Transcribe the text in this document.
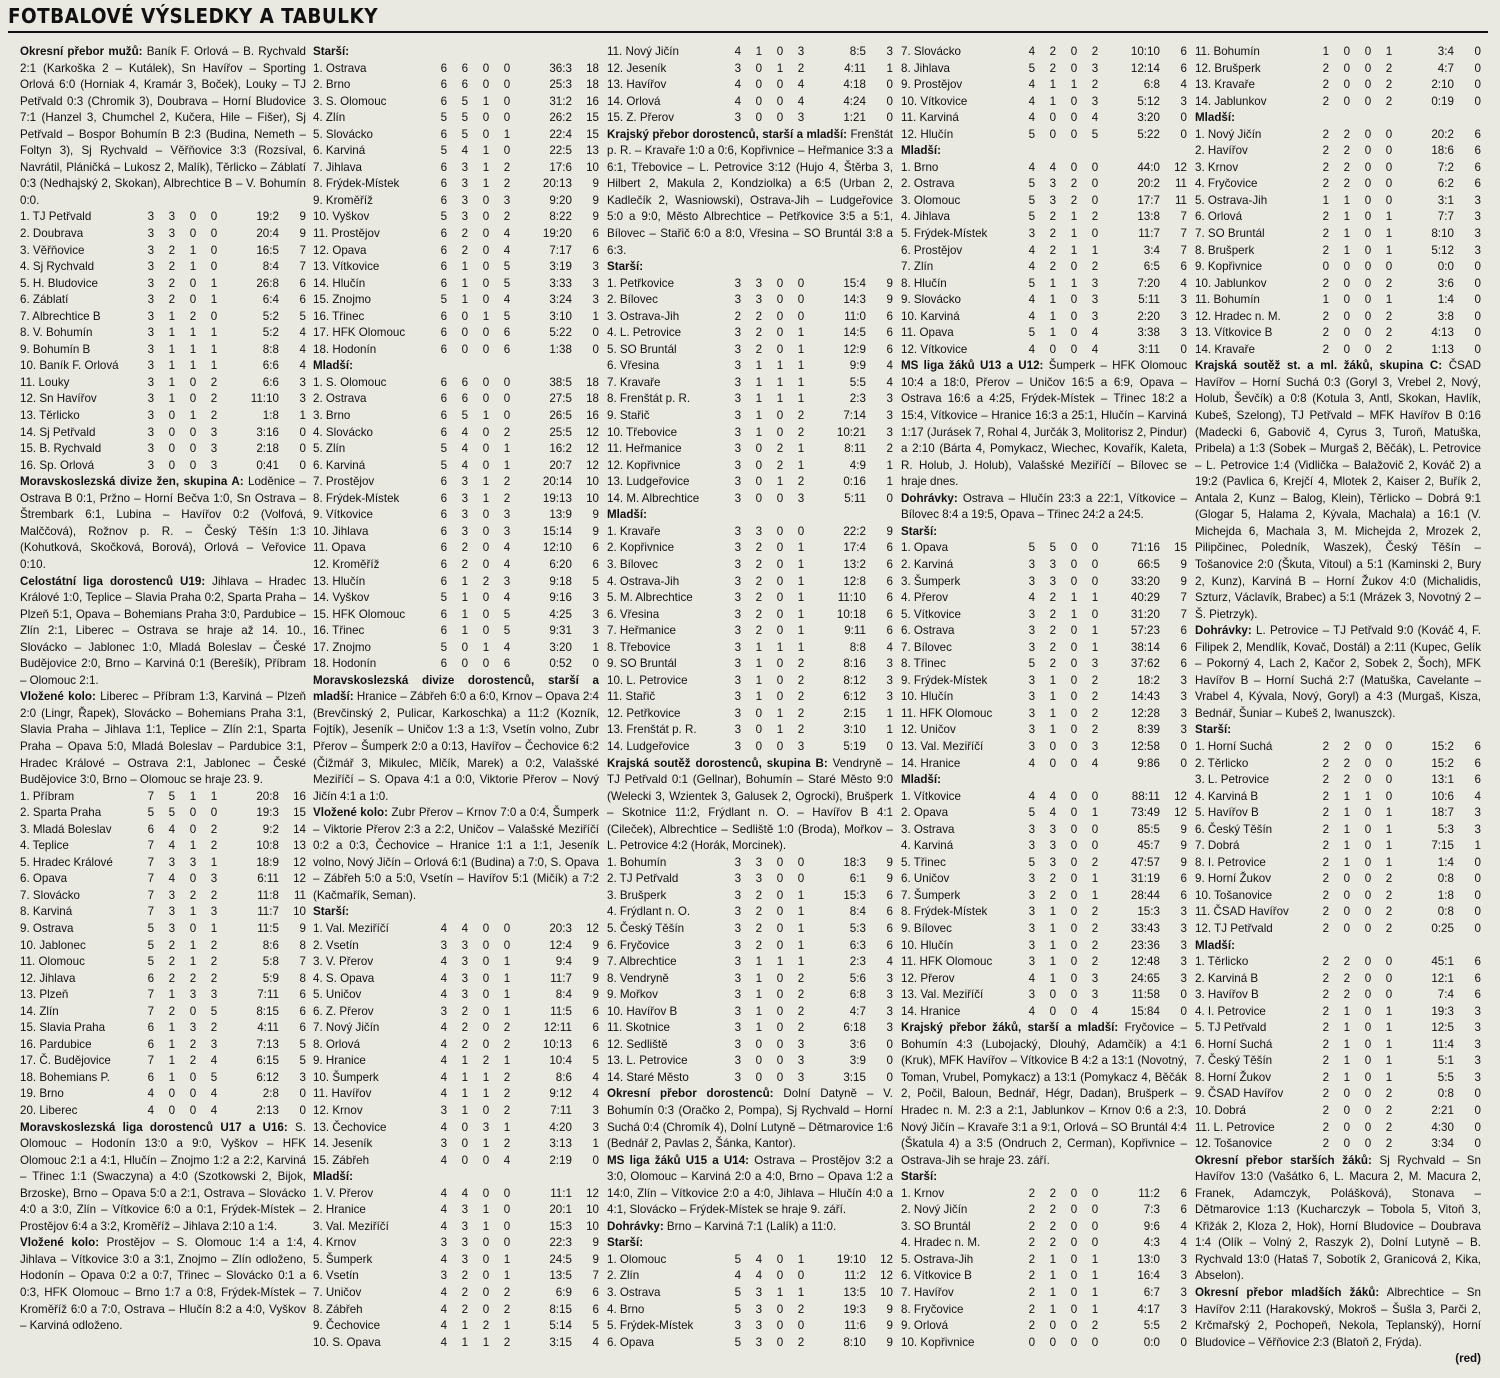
FOTBALOVÉ VÝSLEDKY A TABULKY

Okresní přebor mužů: Baník F. Orlová – B. Rychvald 2:1 (Karkoška 2 – Kutálek), Sn Havířov – Sporting Orlová 6:0 (Horniak 4, Kramár 3, Boček), Louky – TJ Petřvald 0:3 (Chromik 3), Doubrava – Horní Bludovice 7:1 (Hanzel 3, Chumchel 2, Kučera, Hile – Fišer), Sj Petřvald – Bospor Bohumín B 2:3 (Budina, Nemeth – Foltyn 3), Sj Rychvald – Věřňovice 3:3 (Rozsíval, Navrátil, Pláničká – Lukosz 2, Malík), Těrlicko – Záblatí 0:3 (Nedhajský 2, Skokan), Albrechtice B – V. Bohumín 0:0.

1. TJ Petřvald	3	3	0	0	19:2	9
2. Doubrava	3	3	0	0	20:4	9
3. Věřňovice	3	2	1	0	16:5	7
4. Sj Rychvald	3	2	1	0	8:4	7
5. H. Bludovice	3	2	0	1	26:8	6
6. Záblatí	3	2	0	1	6:4	6
7. Albrechtice B	3	1	2	0	5:2	5
8. V. Bohumín	3	1	1	1	5:2	4
9. Bohumín B	3	1	1	1	8:8	4
10. Baník F. Orlová	3	1	1	1	6:6	4
11. Louky	3	1	0	2	6:6	3
12. Sn Havířov	3	1	0	2	11:10	3
13. Těrlicko	3	0	1	2	1:8	1
14. Sj Petřvald	3	0	0	3	3:16	0
15. B. Rychvald	3	0	0	3	2:18	0
16. Sp. Orlová	3	0	0	3	0:41	0

Moravskoslezská divize žen, skupina A: Loděnice – Ostrava B 0:1, Pržno – Horní Bečva 1:0, Sn Ostrava – Štrembark 6:1, Lubina – Havířov 0:2 (Volfová, Malččová), Rožnov p. R. – Český Těšín 1:3 (Kohutková, Skočková, Borová), Orlová – Veřovice 0:10.

Celostátní liga dorostenců U19: Jihlava – Hradec Králové 1:0, Teplice – Slavia Praha 0:2, Sparta Praha – Plzeň 5:1, Opava – Bohemians Praha 3:0, Pardubice – Zlín 2:1, Liberec – Ostrava se hraje až 14. 10., Slovácko – Jablonec 1:0, Mladá Boleslav – České Budějovice 2:0, Brno – Karviná 0:1 (Berešík), Příbram – Olomouc 2:1.

Vložené kolo: Liberec – Příbram 1:3, Karviná – Plzeň 2:0 (Lingr, Řapek), Slovácko – Bohemians Praha 3:1, Slavia Praha – Jihlava 1:1, Teplice – Zlín 2:1, Sparta Praha – Opava 5:0, Mladá Boleslav – Pardubice 3:1, Hradec Králové – Ostrava 2:1, Jablonec – České Budějovice 3:0, Brno – Olomouc se hraje 23. 9.

1. Příbram	7	5	1	1	20:8	16
2. Sparta Praha	5	5	0	0	19:3	15
3. Mladá Boleslav	6	4	0	2	9:2	14
4. Teplice	7	4	1	2	10:8	13
5. Hradec Králové	7	3	3	1	18:9	12
6. Opava	7	4	0	3	6:11	12
7. Slovácko	7	3	2	2	11:8	11
8. Karviná	7	3	1	3	11:7	10
9. Ostrava	5	3	0	1	11:5	9
10. Jablonec	5	2	1	2	8:6	8
11. Olomouc	5	2	1	2	5:8	7
12. Jihlava	6	2	2	2	5:9	8
13. Plzeň	7	1	3	3	7:11	6
14. Zlín	7	2	0	5	8:15	6
15. Slavia Praha	6	1	3	2	4:11	6
16. Pardubice	6	1	2	3	7:13	5
17. Č. Budějovice	7	1	2	4	6:15	5
18. Bohemians P.	6	1	0	5	6:12	3
19. Brno	4	0	0	4	2:8	0
20. Liberec	4	0	0	4	2:13	0

Moravskoslezská liga dorostenců U17 a U16: S. Olomouc – Hodonín 13:0 a 9:0, Vyškov – HFK Olomouc 2:1 a 4:1, Hlučín – Znojmo 1:2 a 2:2, Karviná – Třinec 1:1 (Swaczyna) a 4:0 (Szotkowski 2, Bijok, Brzoske), Brno – Opava 5:0 a 2:1, Ostrava – Slovácko 4:0 a 3:0, Zlín – Vítkovice 6:0 a 0:1, Frýdek-Místek – Prostějov 6:4 a 3:2, Kroměříž – Jihlava 2:10 a 1:4.

Vložené kolo: Prostějov – S. Olomouc 1:4 a 1:4, Jihlava – Vítkovice 3:0 a 3:1, Znojmo – Zlín odloženo, Hodonín – Opava 0:2 a 0:7, Třinec – Slovácko 0:1 a 0:3, HFK Olomouc – Brno 1:7 a 0:8, Frýdek-Místek – Kroměříž 6:0 a 7:0, Ostrava – Hlučín 8:2 a 4:0, Vyškov – Karviná odloženo.

Starší:
1. Ostrava	6	6	0	0	36:3	18
2. Brno	6	6	0	0	25:3	18
3. S. Olomouc	6	5	1	0	31:2	16
4. Zlín	5	5	0	0	26:2	15
5. Slovácko	6	5	0	1	22:4	15
6. Karviná	5	4	1	0	22:5	13
7. Jihlava	6	3	1	2	17:6	10
8. Frýdek-Místek	6	3	1	2	20:13	9
9. Kroměříž	6	3	0	3	9:20	9
10. Vyškov	5	3	0	2	8:22	9
11. Prostějov	6	2	0	4	19:20	6
12. Opava	6	2	0	4	7:17	6
13. Vítkovice	6	1	0	5	3:19	3
14. Hlučín	6	1	0	5	3:33	3
15. Znojmo	5	1	0	4	3:24	3
16. Třinec	6	0	1	5	3:10	1
17. HFK Olomouc	6	0	0	6	5:22	0
18. Hodonín	6	0	0	6	1:38	0
Mladší:
1. S. Olomouc	6	6	0	0	38:5	18
2. Ostrava	6	6	0	0	27:5	18
3. Brno	6	5	1	0	26:5	16
4. Slovácko	6	4	0	2	25:5	12
5. Zlín	5	4	0	1	16:2	12
6. Karviná	5	4	0	1	20:7	12
7. Prostějov	6	3	1	2	20:14	10
8. Frýdek-Místek	6	3	1	2	19:13	10
9. Vítkovice	6	3	0	3	13:9	9
10. Jihlava	6	3	0	3	15:14	9
11. Opava	6	2	0	4	12:10	6
12. Kroměříž	6	2	0	4	6:20	6
13. Hlučín	6	1	2	3	9:18	5
14. Vyškov	5	1	0	4	9:16	3
15. HFK Olomouc	6	1	0	5	4:25	3
16. Třinec	6	1	0	5	9:31	3
17. Znojmo	5	0	1	4	3:20	1
18. Hodonín	6	0	0	6	0:52	0

Moravskoslezská divize dorostenců, starší a mladší: Hranice – Zábřeh 6:0 a 6:0, Krnov – Opava 2:4 (Brevčinský 2, Pulicar, Karkoschka) a 11:2 (Kozník, Fojtík), Jeseník – Uničov 1:3 a 1:3, Vsetín volno, Zubr Přerov – Šumperk 2:0 a 0:13, Havířov – Čechovice 6:2 (Čižmář 3, Mikulec, Mlčík, Marek) a 0:2, Valašské Meziříčí – S. Opava 4:1 a 0:0, Viktorie Přerov – Nový Jičín 4:1 a 1:0.

Vložené kolo: Zubr Přerov – Krnov 7:0 a 0:4, Šumperk – Viktorie Přerov 2:3 a 2:2, Uničov – Valašské Meziříčí 0:2 a 0:3, Čechovice – Hranice 1:1 a 1:1, Jeseník volno, Nový Jičín – Orlová 6:1 (Budina) a 7:0, S. Opava – Zábřeh 5:0 a 5:0, Vsetín – Havířov 5:1 (Mičík) a 7:2 (Kačmařík, Seman).

Starší:
1. Val. Meziříčí	4	4	0	0	20:3	12
2. Vsetín	3	3	0	0	12:4	9
3. V. Přerov	4	3	0	1	9:4	9
4. S. Opava	4	3	0	1	11:7	9
5. Uničov	4	3	0	1	8:4	9
6. Z. Přerov	3	2	0	1	11:5	6
7. Nový Jičín	4	2	0	2	12:11	6
8. Orlová	4	2	0	2	10:13	6
9. Hranice	4	1	2	1	10:4	5
10. Šumperk	4	1	1	2	8:6	4
11. Havířov	4	1	1	2	9:12	4
12. Krnov	3	1	0	2	7:11	3
13. Čechovice	4	0	3	1	4:20	3
14. Jeseník	3	0	1	2	3:13	1
15. Zábřeh	4	0	0	4	2:19	0
Mladší:
1. V. Přerov	4	4	0	0	11:1	12
2. Hranice	4	3	1	0	20:1	10
3. Val. Meziříčí	4	3	1	0	15:3	10
4. Krnov	3	3	0	0	22:3	9
5. Šumperk	4	3	0	1	24:5	9
6. Vsetín	3	2	0	1	13:5	7
7. Uničov	4	2	0	2	6:9	6
8. Zábřeh	4	2	0	2	8:15	6
9. Čechovice	4	1	2	1	5:14	5
10. S. Opava	4	1	1	2	3:15	4
11. Nový Jičín	4	1	0	3	8:5	3
12. Jeseník	3	0	1	2	4:11	1
13. Havířov	4	0	0	4	4:18	0
14. Orlová	4	0	0	4	4:24	0
15. Z. Přerov	3	0	0	3	1:21	0

Krajský přebor dorostenců, starší a mladší: Frenštát p. R. – Kravaře 1:0 a 0:6, Kopřivnice – Heřmanice 3:3 a 6:1, Třebovice – L. Petrovice 3:12 (Hujo 4, Štěrba 3, Hilbert 2, Makula 2, Kondziolka) a 6:5 (Urban 2, Kadlečík 2, Wasniowski), Ostrava-Jih – Ludgeřovice 5:0 a 9:0, Město Albrechtice – Petřkovice 3:5 a 5:1, Bílovec – Stařič 6:0 a 8:0, Vřesina – SO Bruntál 3:8 a 6:3.

Starší:
1. Petřkovice	3	3	0	0	15:4	9
2. Bílovec	3	3	0	0	14:3	9
3. Ostrava-Jih	2	2	0	0	11:0	6
4. L. Petrovice	3	2	0	1	14:5	6
5. SO Bruntál	3	2	0	1	12:9	6
6. Vřesina	3	1	1	1	9:9	4
7. Kravaře	3	1	1	1	5:5	4
8. Frenštát p. R.	3	1	1	1	2:3	3
9. Stařič	3	1	0	2	7:14	3
10. Třebovice	3	1	0	2	10:21	3
11. Heřmanice	3	0	2	1	8:11	2
12. Kopřivnice	3	0	2	1	4:9	1
13. Ludgeřovice	3	0	1	2	0:16	1
14. M. Albrechtice	3	0	0	3	5:11	0
Mladší:
1. Kravaře	3	3	0	0	22:2	9
2. Kopřivnice	3	2	0	1	17:4	6
3. Bílovec	3	2	0	1	13:2	6
4. Ostrava-Jih	3	2	0	1	12:8	6
5. M. Albrechtice	3	2	0	1	11:10	6
6. Vřesina	3	2	0	1	10:18	6
7. Heřmanice	3	2	0	1	9:11	6
8. Třebovice	3	1	1	1	8:8	4
9. SO Bruntál	3	1	0	2	8:16	3
10. L. Petrovice	3	1	0	2	8:12	3
11. Stařič	3	1	0	2	6:12	3
12. Petřkovice	3	0	1	2	2:15	1
13. Frenštát p. R.	3	0	1	2	3:10	1
14. Ludgeřovice	3	0	0	3	5:19	0

Krajská soutěž dorostenců, skupina B: Vendryně – TJ Petřvald 0:1 (Gellnar), Bohumín – Staré Město 9:0 (Welecki 3, Wzientek 3, Galusek 2, Ogrocki), Brušperk – Skotnice 11:2, Frýdlant n. O. – Havířov B 4:1 (Cileček), Albrechtice – Sedliště 1:0 (Broda), Mořkov – L. Petrovice 4:2 (Horák, Morcinek).

1. Bohumín	3	3	0	0	18:3	9
2. TJ Petřvald	3	3	0	0	6:1	9
3. Brušperk	3	2	0	1	15:3	6
4. Frýdlant n. O.	3	2	0	1	8:4	6
5. Český Těšín	3	2	0	1	5:3	6
6. Fryčovice	3	2	0	1	6:3	6
7. Albrechtice	3	1	1	1	2:3	4
8. Vendryně	3	1	0	2	5:6	3
9. Mořkov	3	1	0	2	6:8	3
10. Havířov B	3	1	0	2	4:7	3
11. Skotnice	3	1	0	2	6:18	3
12. Sedliště	3	0	0	3	3:6	0
13. L. Petrovice	3	0	0	3	3:9	0
14. Staré Město	3	0	0	3	3:15	0

Okresní přebor dorostenců: Dolní Datyně – V. Bohumín 0:3 (Oračko 2, Pompa), Sj Rychvald – Horní Suchá 0:4 (Chromík 4), Dolní Lutyně – Dětmarovice 1:6 (Bednář 2, Pavlas 2, Šánka, Kantor).

MS liga žáků U15 a U14: Ostrava – Prostějov 3:2 a 3:0, Olomouc – Karviná 2:0 a 4:0, Brno – Opava 1:2 a 14:0, Zlín – Vítkovice 2:0 a 4:0, Jihlava – Hlučín 4:0 a 4:1, Slovácko – Frýdek-Místek se hraje 9. září.

Dohrávky: Brno – Karviná 7:1 (Lalík) a 11:0.

Starší:
1. Olomouc	5	4	0	1	19:10	12
2. Zlín	4	4	0	0	11:2	12
3. Ostrava	5	3	1	1	13:5	10
4. Brno	5	3	0	2	19:3	9
5. Frýdek-Místek	3	3	0	0	11:6	9
6. Opava	5	3	0	2	8:10	9
7. Slovácko	4	2	0	2	10:10	6
8. Jihlava	5	2	0	3	12:14	6
9. Prostějov	4	1	1	2	6:8	4
10. Vítkovice	4	1	0	3	5:12	3
11. Karviná	4	0	0	4	3:20	0
12. Hlučín	5	0	0	5	5:22	0
Mladší:
1. Brno	4	4	0	0	44:0	12
2. Ostrava	5	3	2	0	20:2	11
3. Olomouc	5	3	2	0	17:7	11
4. Jihlava	5	2	1	2	13:8	7
5. Frýdek-Místek	3	2	1	0	11:7	7
6. Prostějov	4	2	1	1	3:4	7
7. Zlín	4	2	0	2	6:5	6
8. Hlučín	5	1	1	3	7:20	4
9. Slovácko	4	1	0	3	5:11	3
10. Karviná	4	1	0	3	2:20	3
11. Opava	5	1	0	4	3:38	3
12. Vítkovice	4	0	0	4	3:11	0

MS liga žáků U13 a U12: Šumperk – HFK Olomouc 10:4 a 18:0, Přerov – Uničov 16:5 a 6:9, Opava – Ostrava 16:6 a 4:25, Frýdek-Místek – Třinec 18:2 a 15:4, Vítkovice – Hranice 16:3 a 25:1, Hlučín – Karviná 1:17 (Jurásek 7, Rohal 4, Jurčák 3, Molitorisz 2, Pindur) a 2:10 (Bárta 4, Pomykacz, Wiechec, Kovařík, Kaleta, R. Holub, J. Holub), Valašské Meziříčí – Bílovec se hraje dnes.

Dohrávky: Ostrava – Hlučín 23:3 a 22:1, Vítkovice – Bílovec 8:4 a 19:5, Opava – Třinec 24:2 a 24:5.

Starší:
1. Opava	5	5	0	0	71:16	15
2. Karviná	3	3	0	0	66:5	9
3. Šumperk	3	3	0	0	33:20	9
4. Přerov	4	2	1	1	40:29	7
5. Vítkovice	3	2	1	0	31:20	7
6. Ostrava	3	2	0	1	57:23	6
7. Bílovec	3	2	0	1	38:14	6
8. Třinec	5	2	0	3	37:62	6
9. Frýdek-Místek	3	1	0	2	18:2	3
10. Hlučín	3	1	0	2	14:43	3
11. HFK Olomouc	3	1	0	2	12:28	3
12. Uničov	3	1	0	2	8:39	3
13. Val. Meziříčí	3	0	0	3	12:58	0
14. Hranice	4	0	0	4	9:86	0
Mladší:
1. Vítkovice	4	4	0	0	88:11	12
2. Opava	5	4	0	1	73:49	12
3. Ostrava	3	3	0	0	85:5	9
4. Karviná	3	3	0	0	45:7	9
5. Třinec	5	3	0	2	47:57	9
6. Uničov	3	2	0	1	31:19	6
7. Šumperk	3	2	0	1	28:44	6
8. Frýdek-Místek	3	1	0	2	15:3	3
9. Bílovec	3	1	0	2	33:43	3
10. Hlučín	3	1	0	2	23:36	3
11. HFK Olomouc	3	1	0	2	12:48	3
12. Přerov	4	1	0	3	24:65	3
13. Val. Meziříčí	3	0	0	3	11:58	0
14. Hranice	4	0	0	4	15:84	0

Krajský přebor žáků, starší a mladší: Fryčovice – Bohumín 4:3 (Lubojacký, Dlouhý, Adamčík) a 4:1 (Kruk), MFK Havířov – Vítkovice B 4:2 a 13:1 (Novotný, Toman, Vrubel, Pomykacz) a 13:1 (Pomykacz 4, Běčák 2, Počil, Baloun, Bednář, Hégr, Dadan), Brušperk – Hradec n. M. 2:3 a 2:1, Jablunkov – Krnov 0:6 a 2:3, Nový Jičín – Kravaře 3:1 a 9:1, Orlová – SO Bruntál 4:4 (Škatula 4) a 3:5 (Ondruch 2, Cerman), Kopřivnice – Ostrava-Jih se hraje 23. září.

Starší:
1. Krnov	2	2	0	0	11:2	6
2. Nový Jičín	2	2	0	0	7:3	6
3. SO Bruntál	2	2	0	0	9:6	4
4. Hradec n. M.	2	2	0	0	4:3	4
5. Ostrava-Jih	2	1	0	1	13:0	3
6. Vítkovice B	2	1	0	1	16:4	3
7. Havířov	2	1	0	1	6:7	3
8. Fryčovice	2	1	0	1	4:17	3
9. Orlová	2	0	0	2	5:5	2
10. Kopřivnice	0	0	0	0	0:0	0
11. Bohumín	1	0	0	1	3:4	0
12. Brušperk	2	0	0	2	4:7	0
13. Kravaře	2	0	0	2	2:10	0
14. Jablunkov	2	0	0	2	0:19	0
Mladší:
1. Nový Jičín	2	2	0	0	20:2	6
2. Havířov	2	2	0	0	18:6	6
3. Krnov	2	2	0	0	7:2	6
4. Fryčovice	2	2	0	0	6:2	6
5. Ostrava-Jih	1	1	0	0	3:1	3
6. Orlová	2	1	0	1	7:7	3
7. SO Bruntál	2	1	0	1	8:10	3
8. Brušperk	2	1	0	1	5:12	3
9. Kopřivnice	0	0	0	0	0:0	0
10. Jablunkov	2	0	0	2	3:6	0
11. Bohumín	1	0	0	1	1:4	0
12. Hradec n. M.	2	0	0	2	3:8	0
13. Vítkovice B	2	0	0	2	4:13	0
14. Kravaře	2	0	0	2	1:13	0

Krajská soutěž st. a ml. žáků, skupina C: ČSAD Havířov – Horní Suchá 0:3 (Goryl 3, Vrebel 2, Nový, Holub, Ševčík) a 0:8 (Kotula 3, Antl, Skokan, Havlík, Kubeš, Szelong), TJ Petřvald – MFK Havířov B 0:16 (Madecki 6, Gabovič 4, Cyrus 3, Turoň, Matuška, Pribela) a 1:3 (Sobek – Murgaš 2, Běčák), L. Petrovice – L. Petrovice 1:4 (Vidlička – Balažovič 2, Kováč 2) a 19:2 (Pavlica 6, Krejčí 4, Mlotek 2, Kaiser 2, Buřík 2, Antala 2, Kunz – Balog, Klein), Těrlicko – Dobrá 9:1 (Glogar 5, Halama 2, Kývala, Machala) a 16:1 (V. Michejda 6, Machala 3, M. Michejda 2, Mrozek 2, Pilipčinec, Poledník, Waszek), Český Těšín – Tošanovice 2:0 (Škuta, Vitoul) a 5:1 (Kaminski 2, Bury 2, Kunz), Karviná B – Horní Žukov 4:0 (Michalidis, Szturz, Václavík, Brabec) a 5:1 (Mrázek 3, Novotný 2 – Š. Pietrzyk).

Dohrávky: L. Petrovice – TJ Petřvald 9:0 (Kováč 4, F. Filipek 2, Mendlík, Kovač, Dostál) a 2:11 (Kupec, Gelík – Pokorný 4, Lach 2, Kačor 2, Sobek 2, Šoch), MFK Havířov B – Horní Suchá 2:7 (Matuška, Cavelante – Vrabel 4, Kývala, Nový, Goryl) a 4:3 (Murgaš, Kisza, Bednář, Šuniar – Kubeš 2, Iwanuszck).

Starší:
1. Horní Suchá	2	2	0	0	15:2	6
2. Těrlicko	2	2	0	0	15:2	6
3. L. Petrovice	2	2	0	0	13:1	6
4. Karviná B	2	1	1	0	10:6	4
5. Havířov B	2	1	0	1	18:7	3
6. Český Těšín	2	1	0	1	5:3	3
7. Dobrá	2	1	0	1	7:15	1
8. I. Petrovice	2	1	0	1	1:4	0
9. Horní Žukov	2	0	0	2	0:8	0
10. Tošanovice	2	0	0	2	1:8	0
11. ČSAD Havířov	2	0	0	2	0:8	0
12. TJ Petřvald	2	0	0	2	0:25	0
Mladší:
1. Těrlicko	2	2	0	0	45:1	6
2. Karviná B	2	2	0	0	12:1	6
3. Havířov B	2	2	0	0	7:4	6
4. I. Petrovice	2	1	0	1	19:3	3
5. TJ Petřvald	2	1	0	1	12:5	3
6. Horní Suchá	2	1	0	1	11:4	3
7. Český Těšín	2	1	0	1	5:1	3
8. Horní Žukov	2	1	0	1	5:5	3
9. ČSAD Havířov	2	0	0	2	0:8	0
10. Dobrá	2	0	0	2	2:21	0
11. L. Petrovice	2	0	0	2	4:30	0
12. Tošanovice	2	0	0	2	3:34	0

Okresní přebor starších žáků: Sj Rychvald – Sn Havířov 13:0 (Vašátko 6, L. Macura 2, M. Macura 2, Franek, Adamczyk, Polášková), Stonava – Dětmarovice 1:13 (Kucharczyk – Tobola 5, Vitoň 3, Křižák 2, Kloza 2, Hok), Horní Bludovice – Doubrava 1:4 (Olík – Volný 2, Raszyk 2), Dolní Lutyně – B. Rychvald 13:0 (Hataš 7, Sobotík 2, Granicová 2, Kika, Abselon).

Okresní přebor mladších žáků: Albrechtice – Sn Havířov 2:11 (Harakovský, Mokroš – Šušla 3, Parči 2, Krčmařský 2, Pochopeň, Nekola, Teplanský), Horní Bludovice – Věřňovice 2:3 (Blatoň 2, Frýda).

(red)
